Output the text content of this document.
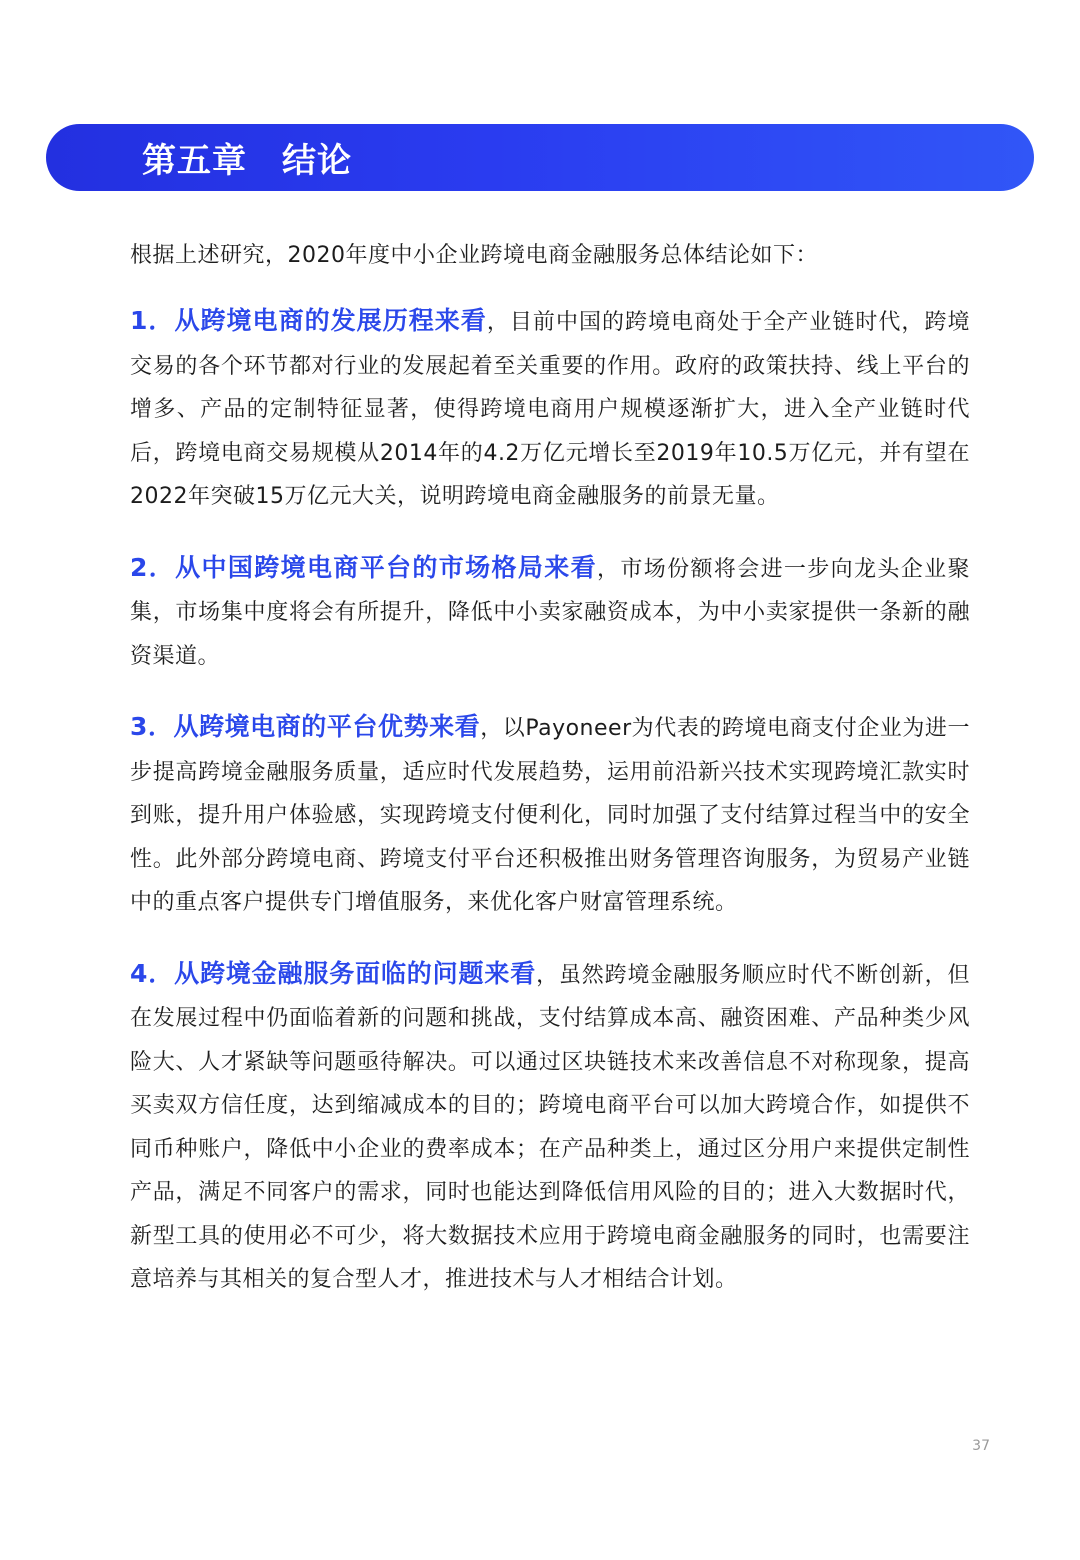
第五章　结论

根据上述研究，2020年度中小企业跨境电商金融服务总体结论如下：

1．从跨境电商的发展历程来看，目前中国的跨境电商处于全产业链时代，跨境交易的各个环节都对行业的发展起着至关重要的作用。政府的政策扶持、线上平台的增多、产品的定制特征显著，使得跨境电商用户规模逐渐扩大，进入全产业链时代后，跨境电商交易规模从2014年的4.2万亿元增长至2019年10.5万亿元，并有望在2022年突破15万亿元大关，说明跨境电商金融服务的前景无量。

2．从中国跨境电商平台的市场格局来看，市场份额将会进一步向龙头企业聚集，市场集中度将会有所提升，降低中小卖家融资成本，为中小卖家提供一条新的融资渠道。

3．从跨境电商的平台优势来看，以Payoneer为代表的跨境电商支付企业为进一步提高跨境金融服务质量，适应时代发展趋势，运用前沿新兴技术实现跨境汇款实时到账，提升用户体验感，实现跨境支付便利化，同时加强了支付结算过程当中的安全性。此外部分跨境电商、跨境支付平台还积极推出财务管理咨询服务，为贸易产业链中的重点客户提供专门增值服务，来优化客户财富管理系统。

4．从跨境金融服务面临的问题来看，虽然跨境金融服务顺应时代不断创新，但在发展过程中仍面临着新的问题和挑战，支付结算成本高、融资困难、产品种类少风险大、人才紧缺等问题亟待解决。可以通过区块链技术来改善信息不对称现象，提高买卖双方信任度，达到缩减成本的目的；跨境电商平台可以加大跨境合作，如提供不同币种账户，降低中小企业的费率成本；在产品种类上，通过区分用户来提供定制性产品，满足不同客户的需求，同时也能达到降低信用风险的目的；进入大数据时代，新型工具的使用必不可少，将大数据技术应用于跨境电商金融服务的同时，也需要注意培养与其相关的复合型人才，推进技术与人才相结合计划。

37
